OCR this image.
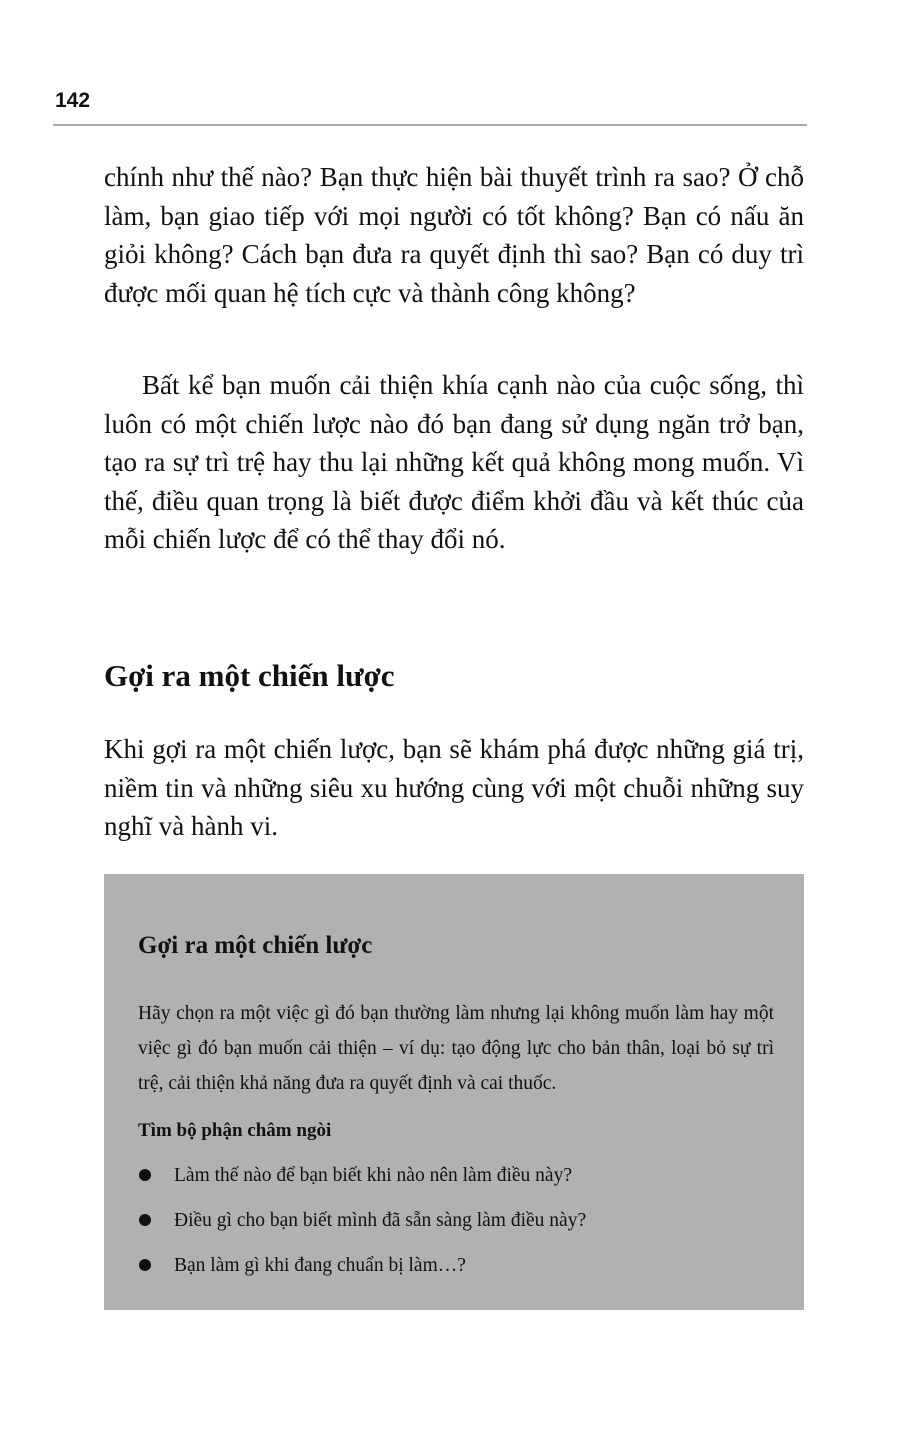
142

chính như thế nào? Bạn thực hiện bài thuyết trình ra sao? Ở chỗ làm, bạn giao tiếp với mọi người có tốt không? Bạn có nấu ăn giỏi không? Cách bạn đưa ra quyết định thì sao? Bạn có duy trì được mối quan hệ tích cực và thành công không?

Bất kể bạn muốn cải thiện khía cạnh nào của cuộc sống, thì luôn có một chiến lược nào đó bạn đang sử dụng ngăn trở bạn, tạo ra sự trì trệ hay thu lại những kết quả không mong muốn. Vì thế, điều quan trọng là biết được điểm khởi đầu và kết thúc của mỗi chiến lược để có thể thay đổi nó.

Gợi ra một chiến lược

Khi gợi ra một chiến lược, bạn sẽ khám phá được những giá trị, niềm tin và những siêu xu hướng cùng với một chuỗi những suy nghĩ và hành vi.

Gợi ra một chiến lược

Hãy chọn ra một việc gì đó bạn thường làm nhưng lại không muốn làm hay một việc gì đó bạn muốn cải thiện – ví dụ: tạo động lực cho bản thân, loại bỏ sự trì trệ, cải thiện khả năng đưa ra quyết định và cai thuốc.

Tìm bộ phận châm ngòi
Làm thế nào để bạn biết khi nào nên làm điều này?
Điều gì cho bạn biết mình đã sẵn sàng làm điều này?
Bạn làm gì khi đang chuẩn bị làm…?
